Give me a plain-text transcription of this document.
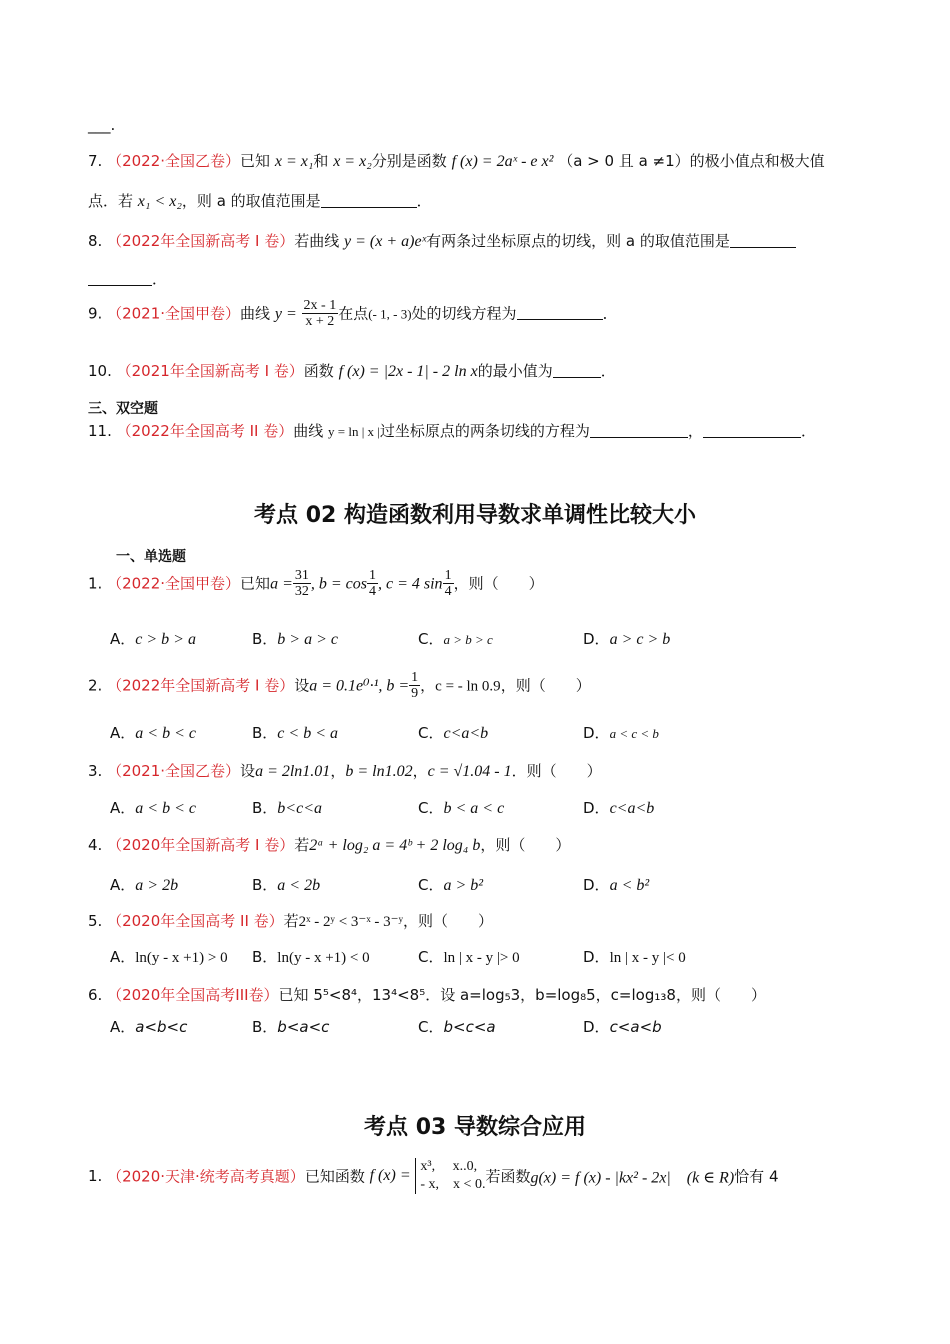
___.
7. （2022·全国乙卷）已知 x = x₁和 x = x₂分别是函数 f (x) = 2aˣ - e x² （a > 0 且 a ≠1）的极小值点和极大值
点．若 x₁ < x₂，则 a 的取值范围是	．
8. （2022年全国新高考 I 卷）若曲线 y = (x + a)eˣ有两条过坐标原点的切线，则 a 的取值范围是
．
9. （2021·全国甲卷）曲线 $y = \frac{2x - 1}{x + 2}$ 在点(- 1, - 3)处的切线方程为	．
10. （2021年全国新高考 I 卷）函数 f (x) = |2x - 1| - 2 ln x的最小值为	．
三、双空题
11. （2022年全国高考 II 卷）曲线 y = ln | x |过坐标原点的两条切线的方程为	，	．
考点 02 构造函数利用导数求单调性比较大小
一、单选题
1. （2022·全国甲卷）已知$a = \frac{31}{32}$ , $b = \cos \frac{1}{4}$ , c = 4 $\sin \frac{1}{4}$ ，则（　　）
A．c > b > a	B．b > a > c	C．a > b > c	D．a > c > b
2. （2022年全国新高考 I 卷）设a = 0.1e⁰·¹, $b = \frac{1}{9}$ ，c = - ln 0.9，则（　　）
A．a < b < c	B．c < b < a	C．c<a<b	D．a < c < b
3. （2021·全国乙卷）设a = 2ln1.01，b = ln1.02，c = √1.04 - 1．则（　　）
A．a < b < c	B．b<c<a	C．b < a < c	D．c<a<b
4. （2020年全国新高考 I 卷）若2ᵃ + log₂ a = 4ᵇ + 2 log₄ b，则（　　）
A．a > 2b	B．a < 2b	C．a > b²	D．a < b²
5. （2020年全国高考 II 卷）若2ˣ - 2ʸ < 3⁻ˣ - 3⁻ʸ，则（　　）
A．ln(y - x +1) > 0 B．ln(y - x +1) < 0	C．ln | x - y |> 0	D．ln | x - y |< 0
6. （2020年全国高考III卷）已知 5⁵<8⁴，13⁴<8⁵．设 a=log₅3，b=log₈5，c=log₁₃8，则（　　）
A．a<b<c	B．b<a<c	C．b<c<a	D．c<a<b
考点 03 导数综合应用
1. （2020·天津·统考高考真题）已知函数 f (x) =
x³,　 x..0,
- x,　x < 0. 若函数g(x) = f (x) - |kx² - 2x|　(k ∈ R)恰有 4
